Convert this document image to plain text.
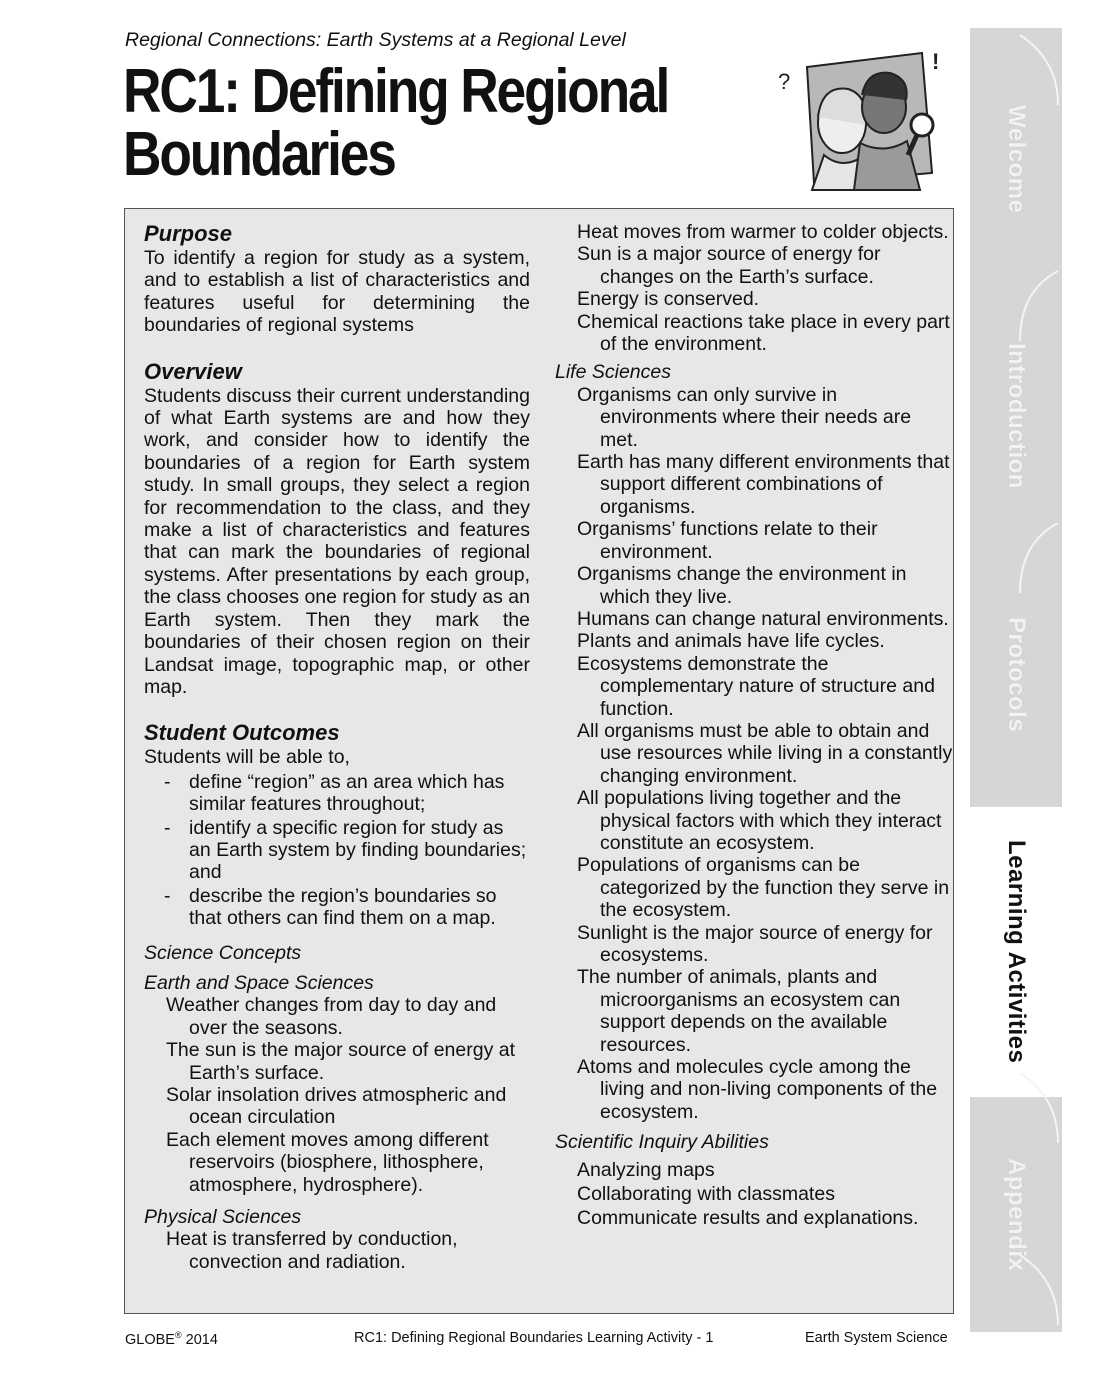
Regional Connections: Earth Systems at a Regional Level
RC1: Defining Regional
Boundaries
?
!

Purpose

To identify a region for study as a system, and to establish a list of characteristics and features useful for determining the boundaries of regional systems

Overview

Students discuss their current understanding of what Earth systems are and how they work, and consider how to identify the boundaries of a region for Earth system study. In small groups, they select a region for recommendation to the class, and they make a list of characteristics and features that can mark the boundaries of regional systems. After presentations by each group, the class chooses one region for study as an Earth system. Then they mark the boundaries of their chosen region on their Landsat image, topographic map, or other map.

Student Outcomes

Students will be able to,

- define “region” as an area which has similar features throughout;
- identify a specific region for study as an Earth system by finding boundaries; and
- describe the region’s boundaries so that others can find them on a map.

Science Concepts

Earth and Space Sciences

Weather changes from day to day and over the seasons.

The sun is the major source of energy at Earth’s surface.

Solar insolation drives atmospheric and ocean circulation

Each element moves among different reservoirs (biosphere, lithosphere, atmosphere, hydrosphere).

Physical Sciences

Heat is transferred by conduction, convection and radiation.

Heat moves from warmer to colder objects.

Sun is a major source of energy for changes on the Earth’s surface.

Energy is conserved.

Chemical reactions take place in every part of the environment.

Life Sciences

Organisms can only survive in environments where their needs are met.

Earth has many different environments that support different combinations of organisms.

Organisms’ functions relate to their environment.

Organisms change the environment in which they live.

Humans can change natural environments.

Plants and animals have life cycles.

Ecosystems demonstrate the complementary nature of structure and function.

All organisms must be able to obtain and use resources while living in a constantly changing environment.

All populations living together and the physical factors with which they interact constitute an ecosystem.

Populations of organisms can be categorized by the function they serve in the ecosystem.

Sunlight is the major source of energy for ecosystems.

The number of animals, plants and microorganisms an ecosystem can support depends on the available resources.

Atoms and molecules cycle among the living and non-living components of the ecosystem.

Scientific Inquiry Abilities

Analyzing maps

Collaborating with classmates

Communicate results and explanations.

GLOBE® 2014	RC1: Defining Regional Boundaries Learning Activity - 1	Earth System Science
Welcome
Introduction
Protocols
Learning Activities
Appendix
